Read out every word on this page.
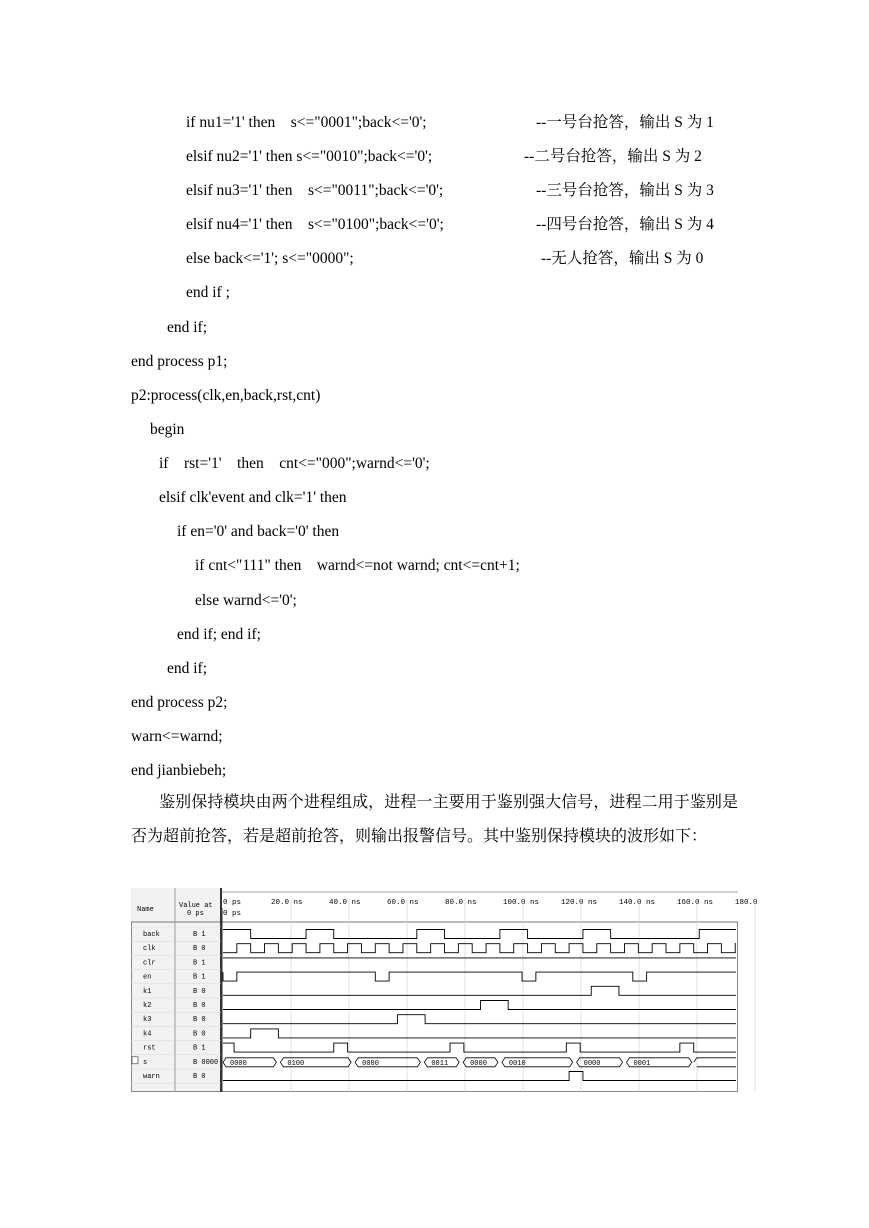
if nu1='1' then    s<="0001";back<='0';	--一号台抢答，输出 S 为 1
elsif nu2='1' then s<="0010";back<='0';	--二号台抢答，输出 S 为 2
elsif nu3='1' then    s<="0011";back<='0';	--三号台抢答，输出 S 为 3
elsif nu4='1' then    s<="0100";back<='0';	--四号台抢答，输出 S 为 4
else back<='1'; s<="0000";	--无人抢答，输出 S 为 0
end if ;
end if;
end process p1;
p2:process(clk,en,back,rst,cnt)
begin
if    rst='1'    then    cnt<="000";warnd<='0';
elsif clk'event and clk='1' then
if en='0' and back='0' then
if cnt<"111" then    warnd<=not warnd; cnt<=cnt+1;
else warnd<='0';
end if; end if;
end if;
end process p2;
warn<=warnd;
end jianbiebeh;
鉴别保持模块由两个进程组成，进程一主要用于鉴别强大信号，进程二用于鉴别是否为超前抢答，若是超前抢答，则输出报警信号。其中鉴别保持模块的波形如下：
Name	Value at
0 ps
0 ps	20.0 ns	40.0 ns	60.0 ns	80.0 ns	100.0 ns	120.0 ns	140.0 ns	160.0 ns	180.0
0 ps
back	B 1
clk	B 0
clr	B 1
en	B 1
k1	B 0
k2	B 0
k3	B 0
k4	B 0
rst	B 1
s	B 0000
warn	B 0
0000	0100	0000	0011	0000	0010	0000	0001
